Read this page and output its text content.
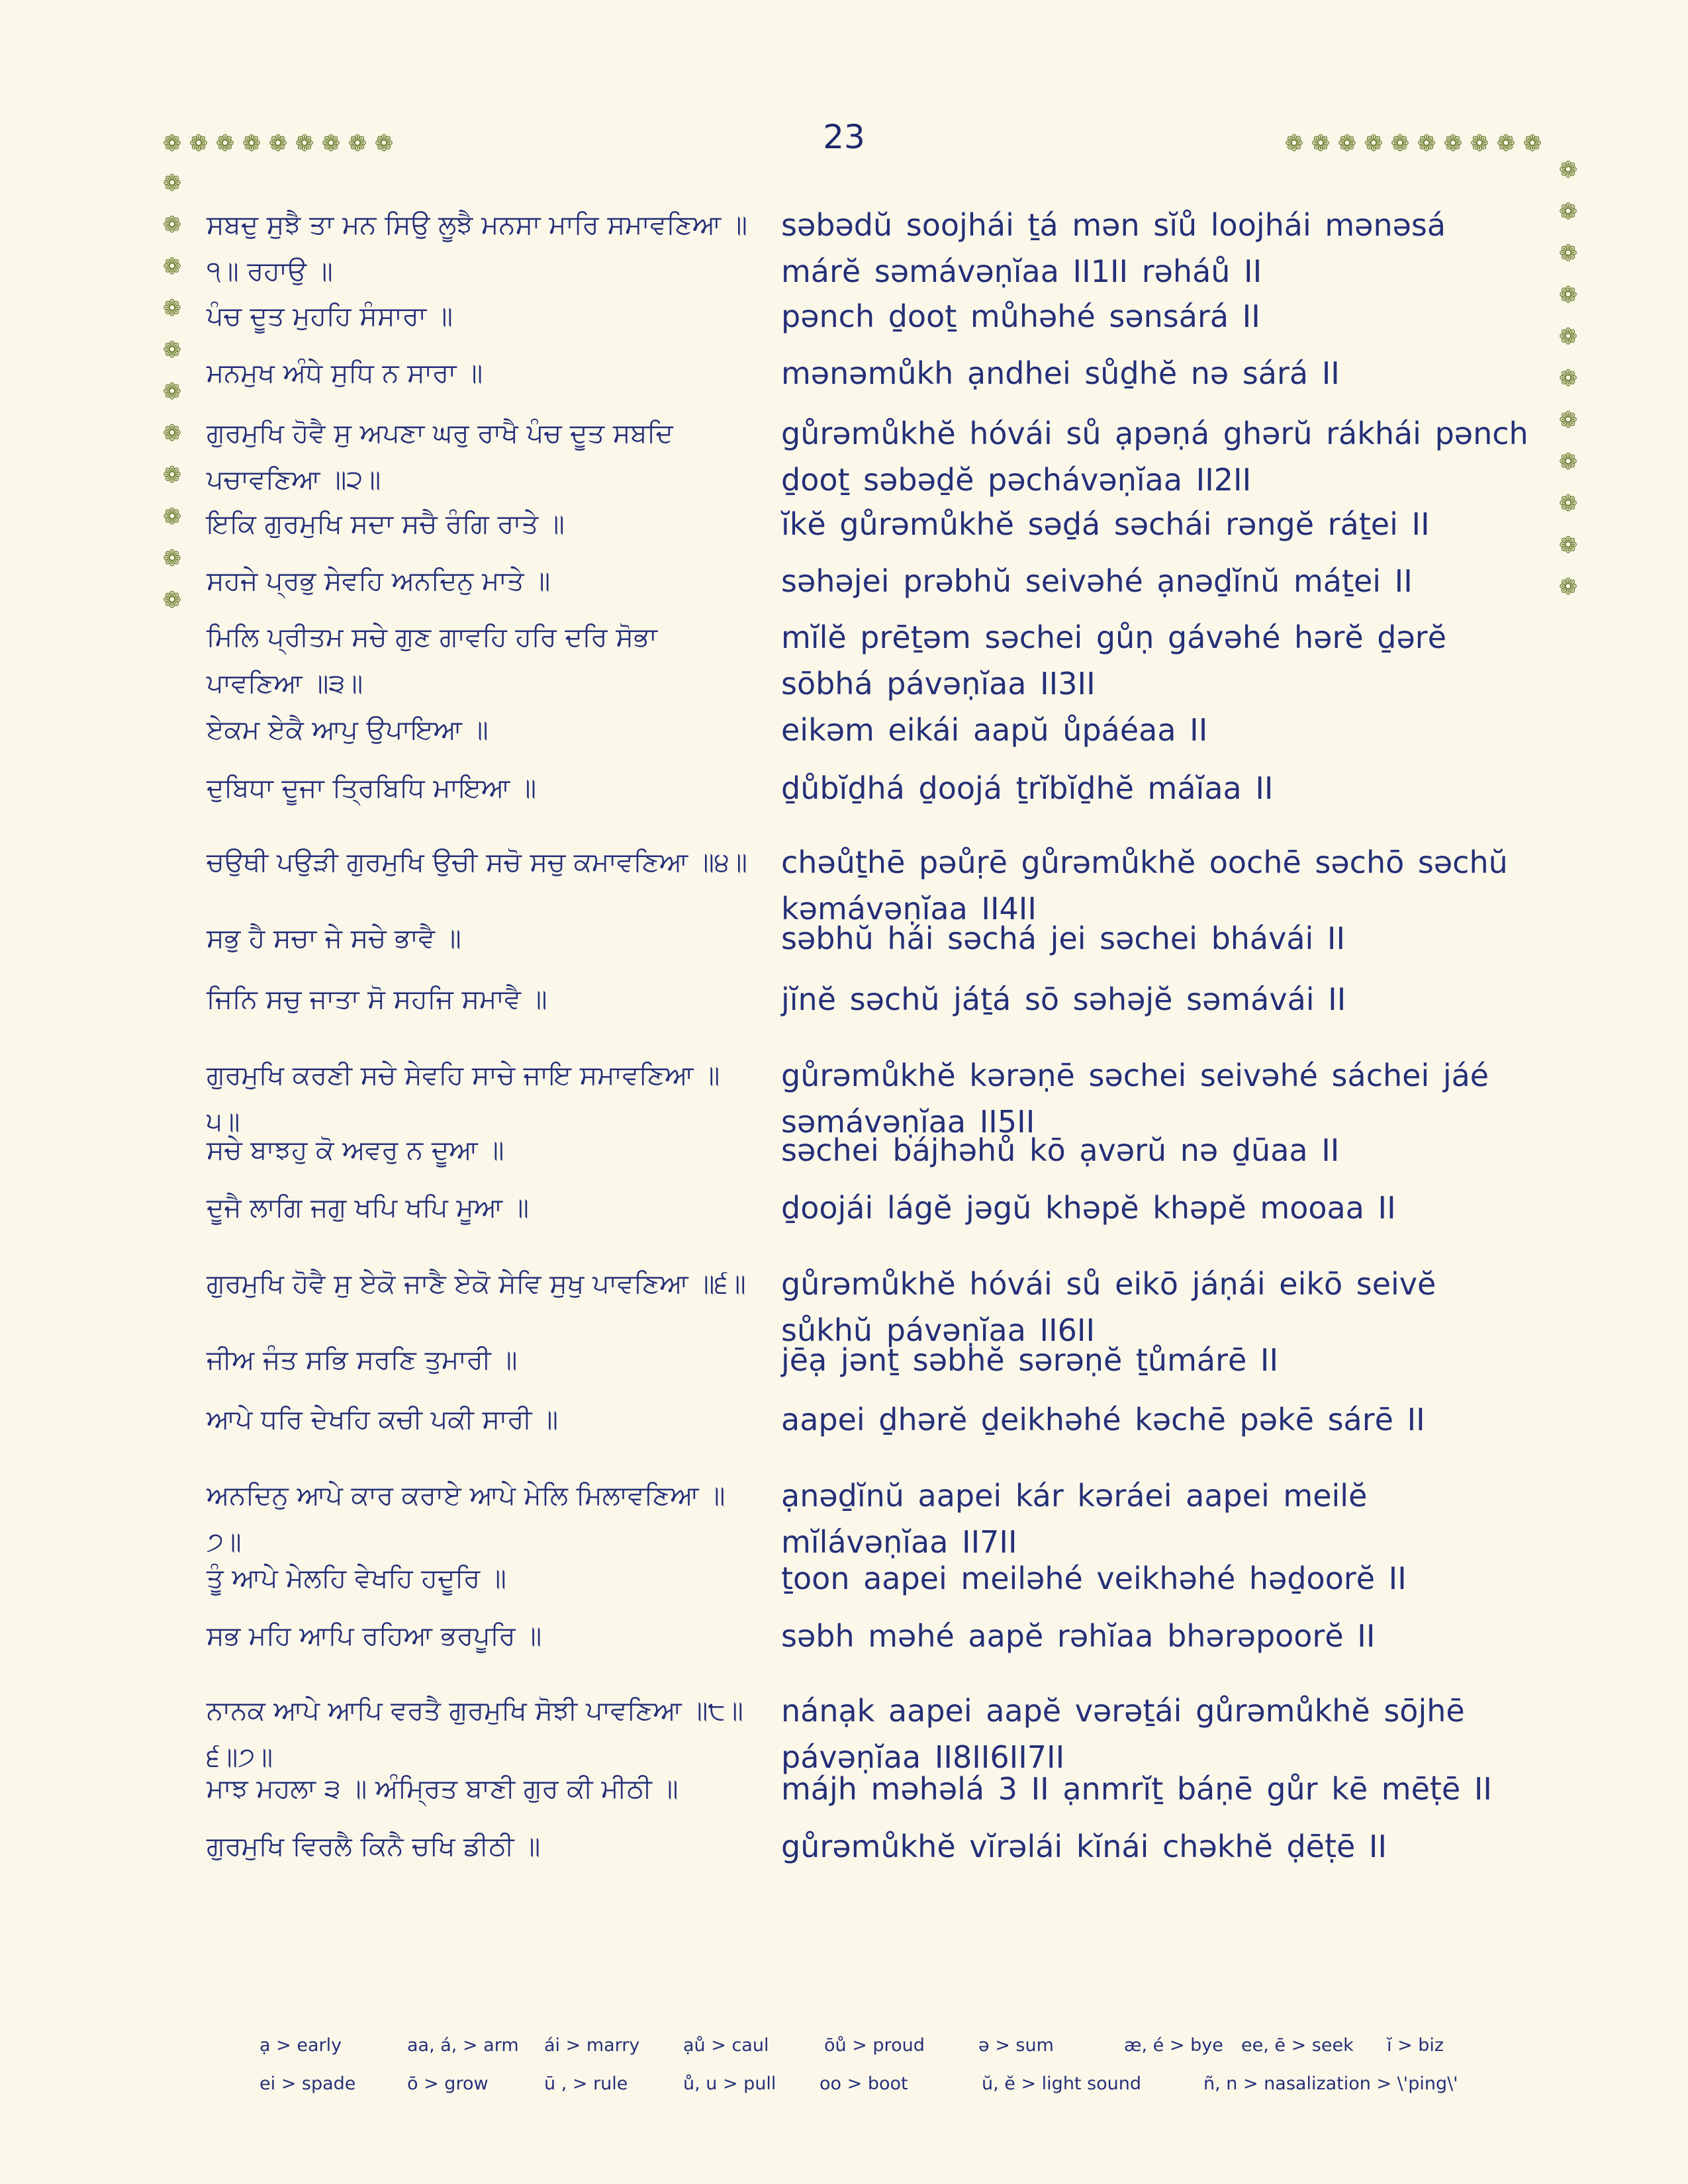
23
❁ ❁ ❁ ❁ ❁ ❁ ❁ ❁ ❁	❁ ❁ ❁ ❁ ❁ ❁ ❁ ❁ ❁ ❁
❁
❁
❁
❁
❁
❁
❁
❁
❁
❁
❁
❁
❁
❁
❁
❁
❁
❁
❁
❁
❁
❁
ਸਬਦੁ ਸੁਝੈ ਤਾ ਮਨ ਸਿਉ ਲੂਝੈ ਮਨਸਾ ਮਾਰਿ ਸਮਾਵਣਿਆ ॥੧॥ ਰਹਾਉ ॥
səbədŭ soojhái ṯá mən sĭů loojhái mənəsá márĕ səmávəṇĭaa II1II rəháů II
ਪੰਚ ਦੂਤ ਮੁਹਹਿ ਸੰਸਾਰਾ ॥	pənch ḏooṯ můhəhé sənsárá II
ਮਨਮੁਖ ਅੰਧੇ ਸੁਧਿ ਨ ਸਾਰਾ ॥	mənəmůkh ạndhei sůḏhĕ nə sárá II
ਗੁਰਮੁਖਿ ਹੋਵੈ ਸੁ ਅਪਣਾ ਘਰੁ ਰਾਖੈ ਪੰਚ ਦੂਤ ਸਬਦਿ ਪਚਾਵਣਿਆ ॥੨॥
gůrəmůkhĕ hóvái sů ạpəṇá ghərŭ rákhái pənch ḏooṯ səbəḏĕ pəchávəṇĭaa II2II
ਇਕਿ ਗੁਰਮੁਖਿ ਸਦਾ ਸਚੈ ਰੰਗਿ ਰਾਤੇ ॥	ĭkĕ gůrəmůkhĕ səḏá səchái rəngĕ ráṯei II
ਸਹਜੇ ਪ੍ਰਭੁ ਸੇਵਹਿ ਅਨਦਿਨੁ ਮਾਤੇ ॥	səhəjei prəbhŭ seivəhé ạnəḏĭnŭ máṯei II
ਮਿਲਿ ਪ੍ਰੀਤਮ ਸਚੇ ਗੁਣ ਗਾਵਹਿ ਹਰਿ ਦਰਿ ਸੋਭਾ ਪਾਵਣਿਆ ॥੩॥
mĭlĕ prēṯəm səchei gůṇ gávəhé hərĕ ḏərĕ sōbhá pávəṇĭaa II3II
ਏਕਮ ਏਕੈ ਆਪੁ ਉਪਾਇਆ ॥	eikəm eikái aapŭ ůpáéaa II
ਦੁਬਿਧਾ ਦੂਜਾ ਤ੍ਰਿਬਿਧਿ ਮਾਇਆ ॥	ḏůbĭḏhá ḏoojá ṯrĭbĭḏhĕ máĭaa II
ਚਉਥੀ ਪਉੜੀ ਗੁਰਮੁਖਿ ਉਚੀ ਸਚੋ ਸਚੁ ਕਮਾਵਣਿਆ ॥੪॥ chəůṯhē pəůṛē gůrəmůkhĕ oochē səchō səchŭ kəmávəṇĭaa II4II
ਸਭੁ ਹੈ ਸਚਾ ਜੇ ਸਚੇ ਭਾਵੈ ॥	səbhŭ hái səchá jei səchei bhávái II
ਜਿਨਿ ਸਚੁ ਜਾਤਾ ਸੋ ਸਹਜਿ ਸਮਾਵੈ ॥	jĭnĕ səchŭ jáṯá sō səhəjĕ səmávái II
ਗੁਰਮੁਖਿ ਕਰਣੀ ਸਚੇ ਸੇਵਹਿ ਸਾਚੇ ਜਾਇ ਸਮਾਵਣਿਆ ॥੫॥
gůrəmůkhĕ kərəṇē səchei seivəhé sáchei jáé səmávəṇĭaa II5II
ਸਚੇ ਬਾਝਹੁ ਕੋ ਅਵਰੁ ਨ ਦੂਆ ॥	səchei bájhəhů kō ạvərŭ nə ḏūaa II
ਦੂਜੈ ਲਾਗਿ ਜਗੁ ਖਪਿ ਖਪਿ ਮੂਆ ॥	ḏoojái lágĕ jəgŭ khəpĕ khəpĕ mooaa II
ਗੁਰਮੁਖਿ ਹੋਵੈ ਸੁ ਏਕੋ ਜਾਣੈ ਏਕੋ ਸੇਵਿ ਸੁਖੁ ਪਾਵਣਿਆ ॥੬॥ gůrəmůkhĕ hóvái sů eikō jáṇái eikō seivĕ sůkhŭ pávəṇĭaa II6II
ਜੀਅ ਜੰਤ ਸਭਿ ਸਰਣਿ ਤੁਮਾਰੀ ॥	jēạ jənṯ səbhĕ sərəṇĕ ṯůmárē II
ਆਪੇ ਧਰਿ ਦੇਖਹਿ ਕਚੀ ਪਕੀ ਸਾਰੀ ॥	aapei ḏhərĕ ḏeikhəhé kəchē pəkē sárē II
ਅਨਦਿਨੁ ਆਪੇ ਕਾਰ ਕਰਾਏ ਆਪੇ ਮੇਲਿ ਮਿਲਾਵਣਿਆ ॥੭॥
ạnəḏĭnŭ aapei kár kəráei aapei meilĕ mĭlávəṇĭaa II7II
ਤੂੰ ਆਪੇ ਮੇਲਹਿ ਵੇਖਹਿ ਹਦੂਰਿ ॥	ṯoon aapei meiləhé veikhəhé həḏoorĕ II
ਸਭ ਮਹਿ ਆਪਿ ਰਹਿਆ ਭਰਪੂਰਿ ॥	səbh məhé aapĕ rəhĭaa bhərəpoorĕ II
ਨਾਨਕ ਆਪੇ ਆਪਿ ਵਰਤੈ ਗੁਰਮੁਖਿ ਸੋਝੀ ਪਾਵਣਿਆ ॥੮॥੬॥੭॥
nánạk aapei aapĕ vərəṯái gůrəmůkhĕ sōjhē pávəṇĭaa II8II6II7II
ਮਾਝ ਮਹਲਾ ੩ ॥ ਅੰਮ੍ਰਿਤ ਬਾਣੀ ਗੁਰ ਕੀ ਮੀਠੀ ॥	májh məhəlá 3 II ạnmrĭṯ báṇē gůr kē mēṭ̇ē II
ਗੁਰਮੁਖਿ ਵਿਰਲੈ ਕਿਨੈ ਚਖਿ ਡੀਠੀ ॥	gůrəmůkhĕ vĭrəlái kĭnái chəkhĕ ḍēṭ̇ē II
ạ > early	aa, á, > arm ái > marry ạů > caul	ōů > proud	ə > sum	æ, é > bye ee, ē > seek ĭ > biz
ei > spade	ō > grow	ū , > rule	ů, u > pull oo > boot	ŭ, ĕ > light sound	ñ, n > nasalization > \'ping\'
